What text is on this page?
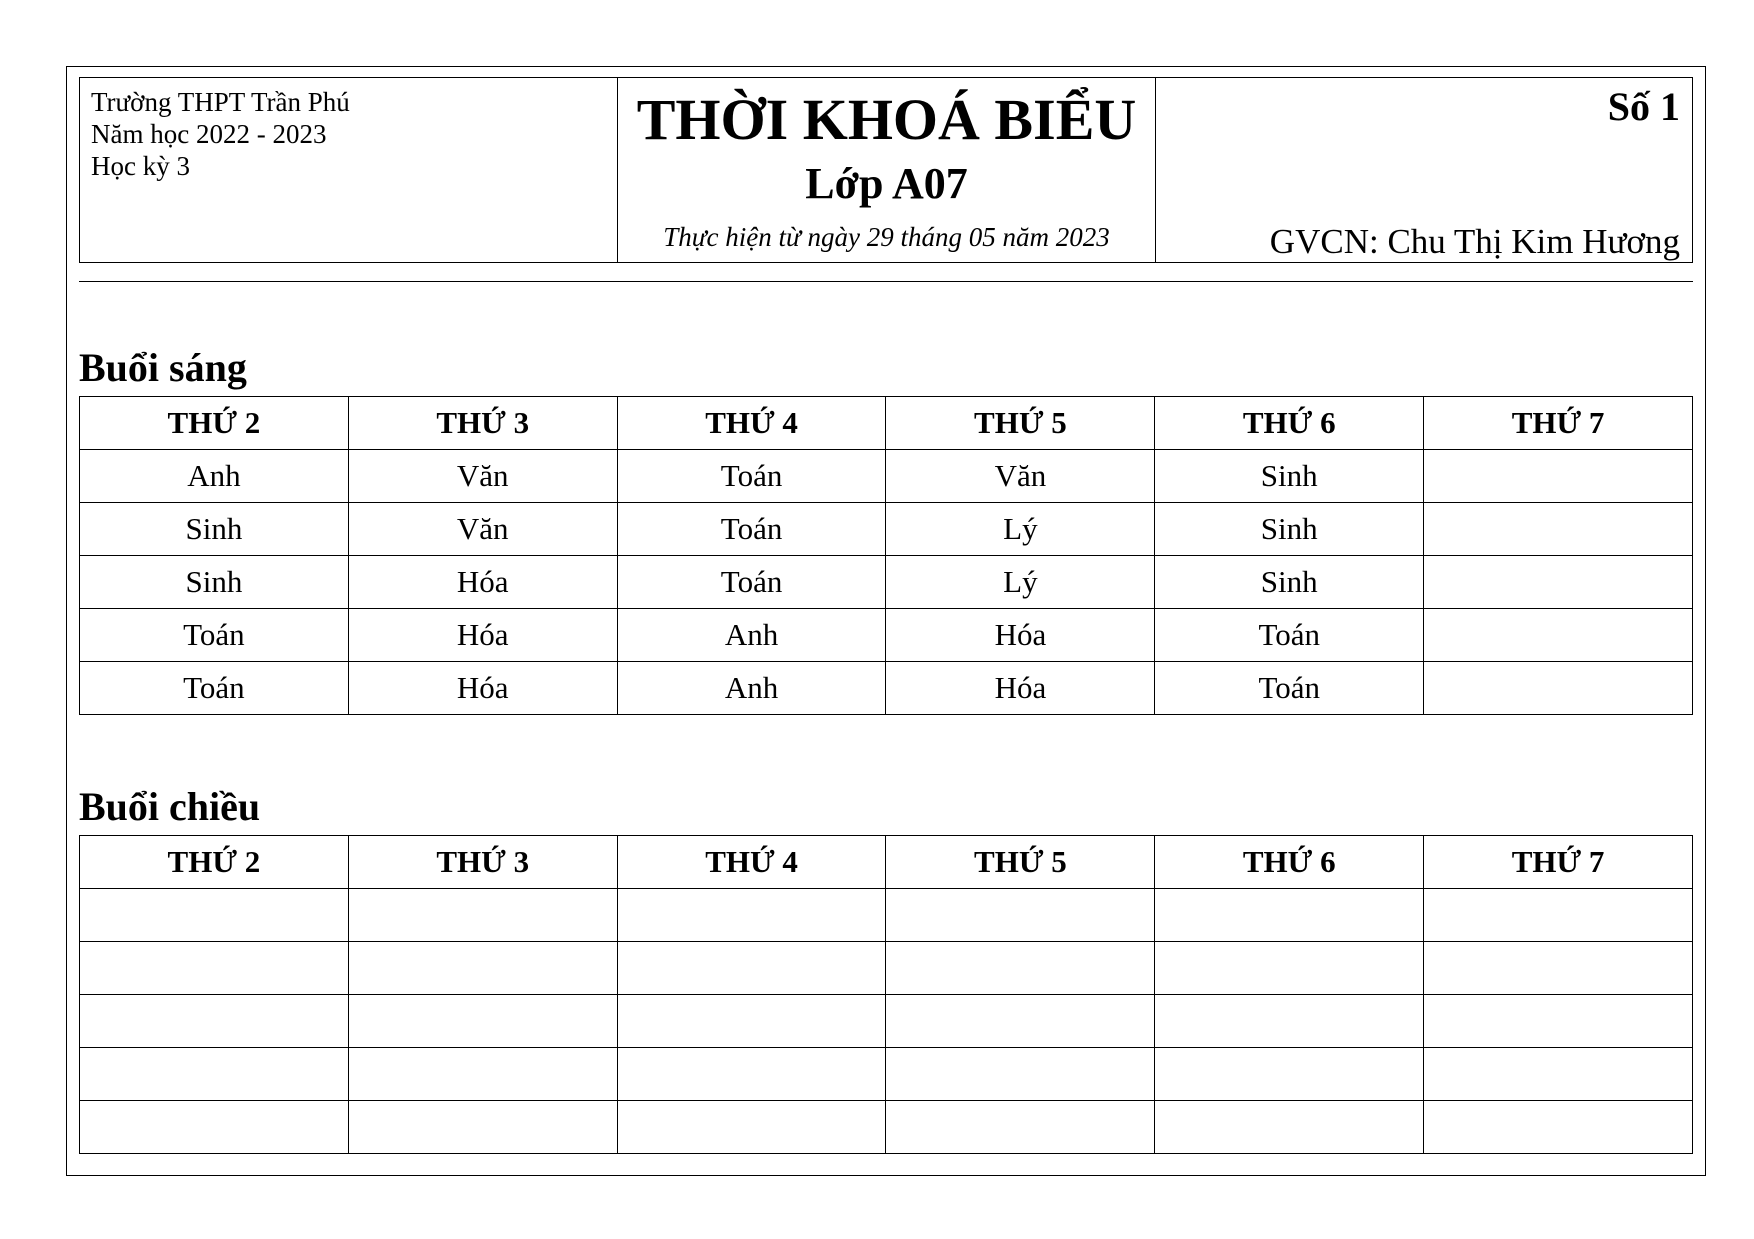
Trường THPT Trần Phú
Năm học 2022 - 2023
Học kỳ 3
THỜI KHOÁ BIỂU
Lớp A07
Thực hiện từ ngày 29 tháng 05 năm 2023
Số 1
GVCN: Chu Thị Kim Hương
Buổi sáng
THỨ 2	THỨ 3	THỨ 4	THỨ 5	THỨ 6	THỨ 7
Anh	Văn	Toán	Văn	Sinh	
Sinh	Văn	Toán	Lý	Sinh	
Sinh	Hóa	Toán	Lý	Sinh	
Toán	Hóa	Anh	Hóa	Toán	
Toán	Hóa	Anh	Hóa	Toán	
Buổi chiều
THỨ 2	THỨ 3	THỨ 4	THỨ 5	THỨ 6	THỨ 7
